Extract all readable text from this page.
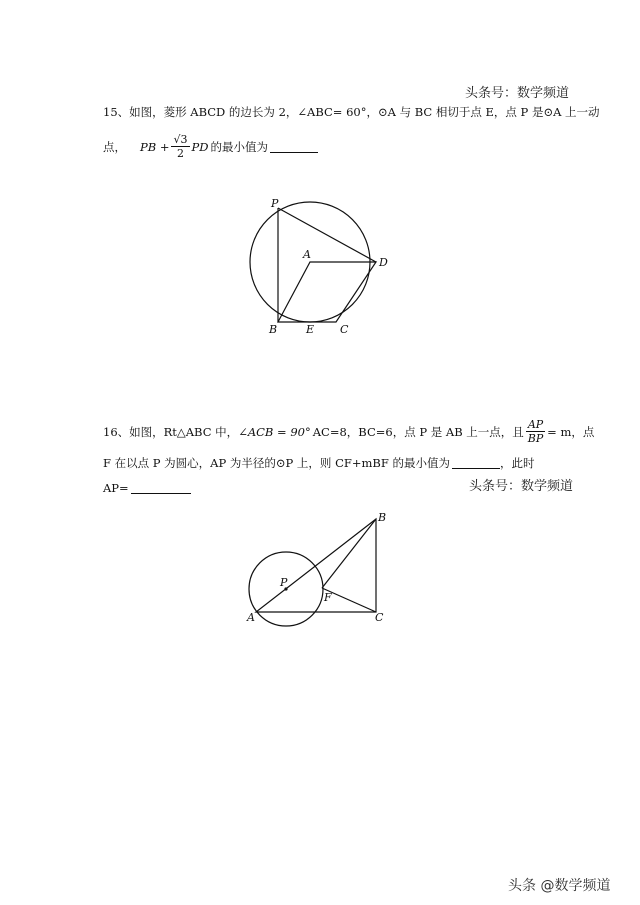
头条号：数学频道
15、如图，菱形 ABCD 的边长为 2，∠ABC= 60°，⊙A 与 BC 相切于点 E，点 P 是⊙A 上一动
点， PB + $\frac{√3}{2}$ PD 的最小值为
P
A
D
B	E C
16、如图，Rt△ABC 中， ∠ACB = 90° AC=8，BC=6，点 P 是 AB 上一点，且 $\frac{AP}{BP} = m$，点
F 在以点 P 为圆心，AP 为半径的⊙P 上，则 CF+mBF 的最小值为	，此时
AP=	头条号：数学频道
B
P
F
A	C
头条 @数学频道
